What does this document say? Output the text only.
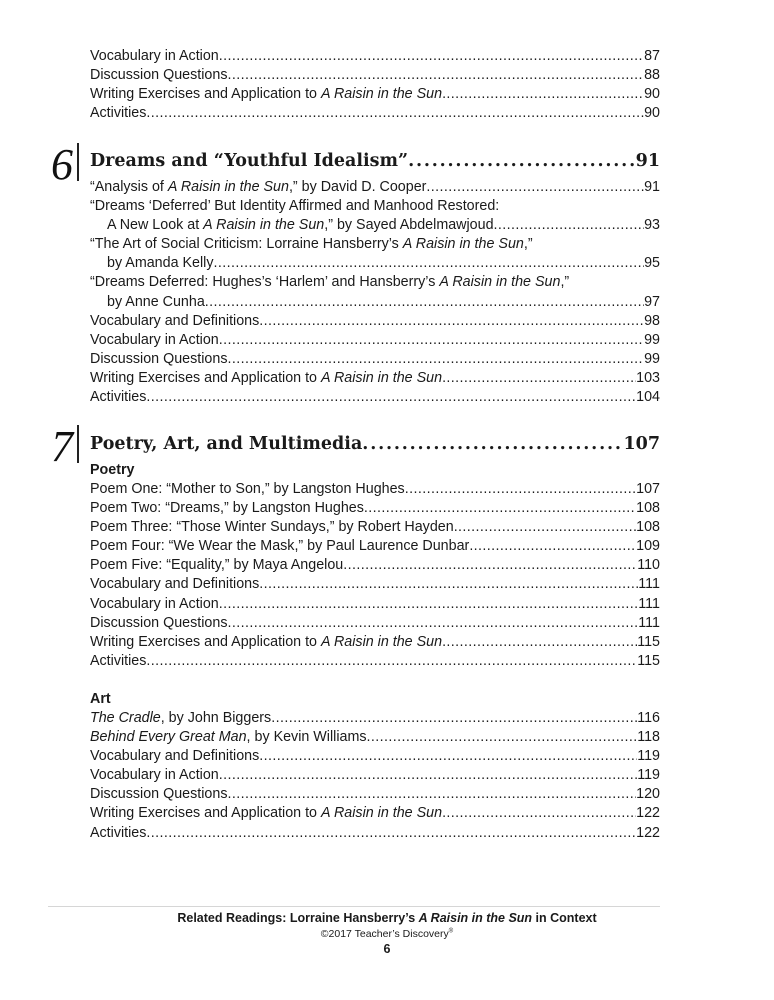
Vocabulary in Action .....	87
Discussion Questions .....	88
Writing Exercises and Application to A Raisin in the Sun .....	90
Activities .....	90
6 Dreams and “Youthful Idealism” .....	91
“Analysis of A Raisin in the Sun,” by David D. Cooper .....	91
“Dreams ‘Deferred’ But Identity Affirmed and Manhood Restored:
A New Look at A Raisin in the Sun,” by Sayed Abdelmawjoud .....	93
“The Art of Social Criticism: Lorraine Hansberry’s A Raisin in the Sun,”
by Amanda Kelly .....	95
“Dreams Deferred: Hughes’s ‘Harlem’ and Hansberry’s A Raisin in the Sun,”
by Anne Cunha .....	97
Vocabulary and Definitions .....	98
Vocabulary in Action .....	99
Discussion Questions .....	99
Writing Exercises and Application to A Raisin in the Sun .....	103
Activities .....	104
7 Poetry, Art, and Multimedia .....	107
Poetry
Poem One: “Mother to Son,” by Langston Hughes .....	107
Poem Two: “Dreams,” by Langston Hughes .....	108
Poem Three: “Those Winter Sundays,” by Robert Hayden .....	108
Poem Four: “We Wear the Mask,” by Paul Laurence Dunbar .....	109
Poem Five: “Equality,” by Maya Angelou .....	110
Vocabulary and Definitions .....	111
Vocabulary in Action .....	111
Discussion Questions .....	111
Writing Exercises and Application to A Raisin in the Sun .....	115
Activities .....	115
Art
The Cradle, by John Biggers .....	116
Behind Every Great Man, by Kevin Williams .....	118
Vocabulary and Definitions .....	119
Vocabulary in Action .....	119
Discussion Questions .....	120
Writing Exercises and Application to A Raisin in the Sun .....	122
Activities .....	122
Related Readings: Lorraine Hansberry’s A Raisin in the Sun in Context
©2017 Teacher’s Discovery®
6
